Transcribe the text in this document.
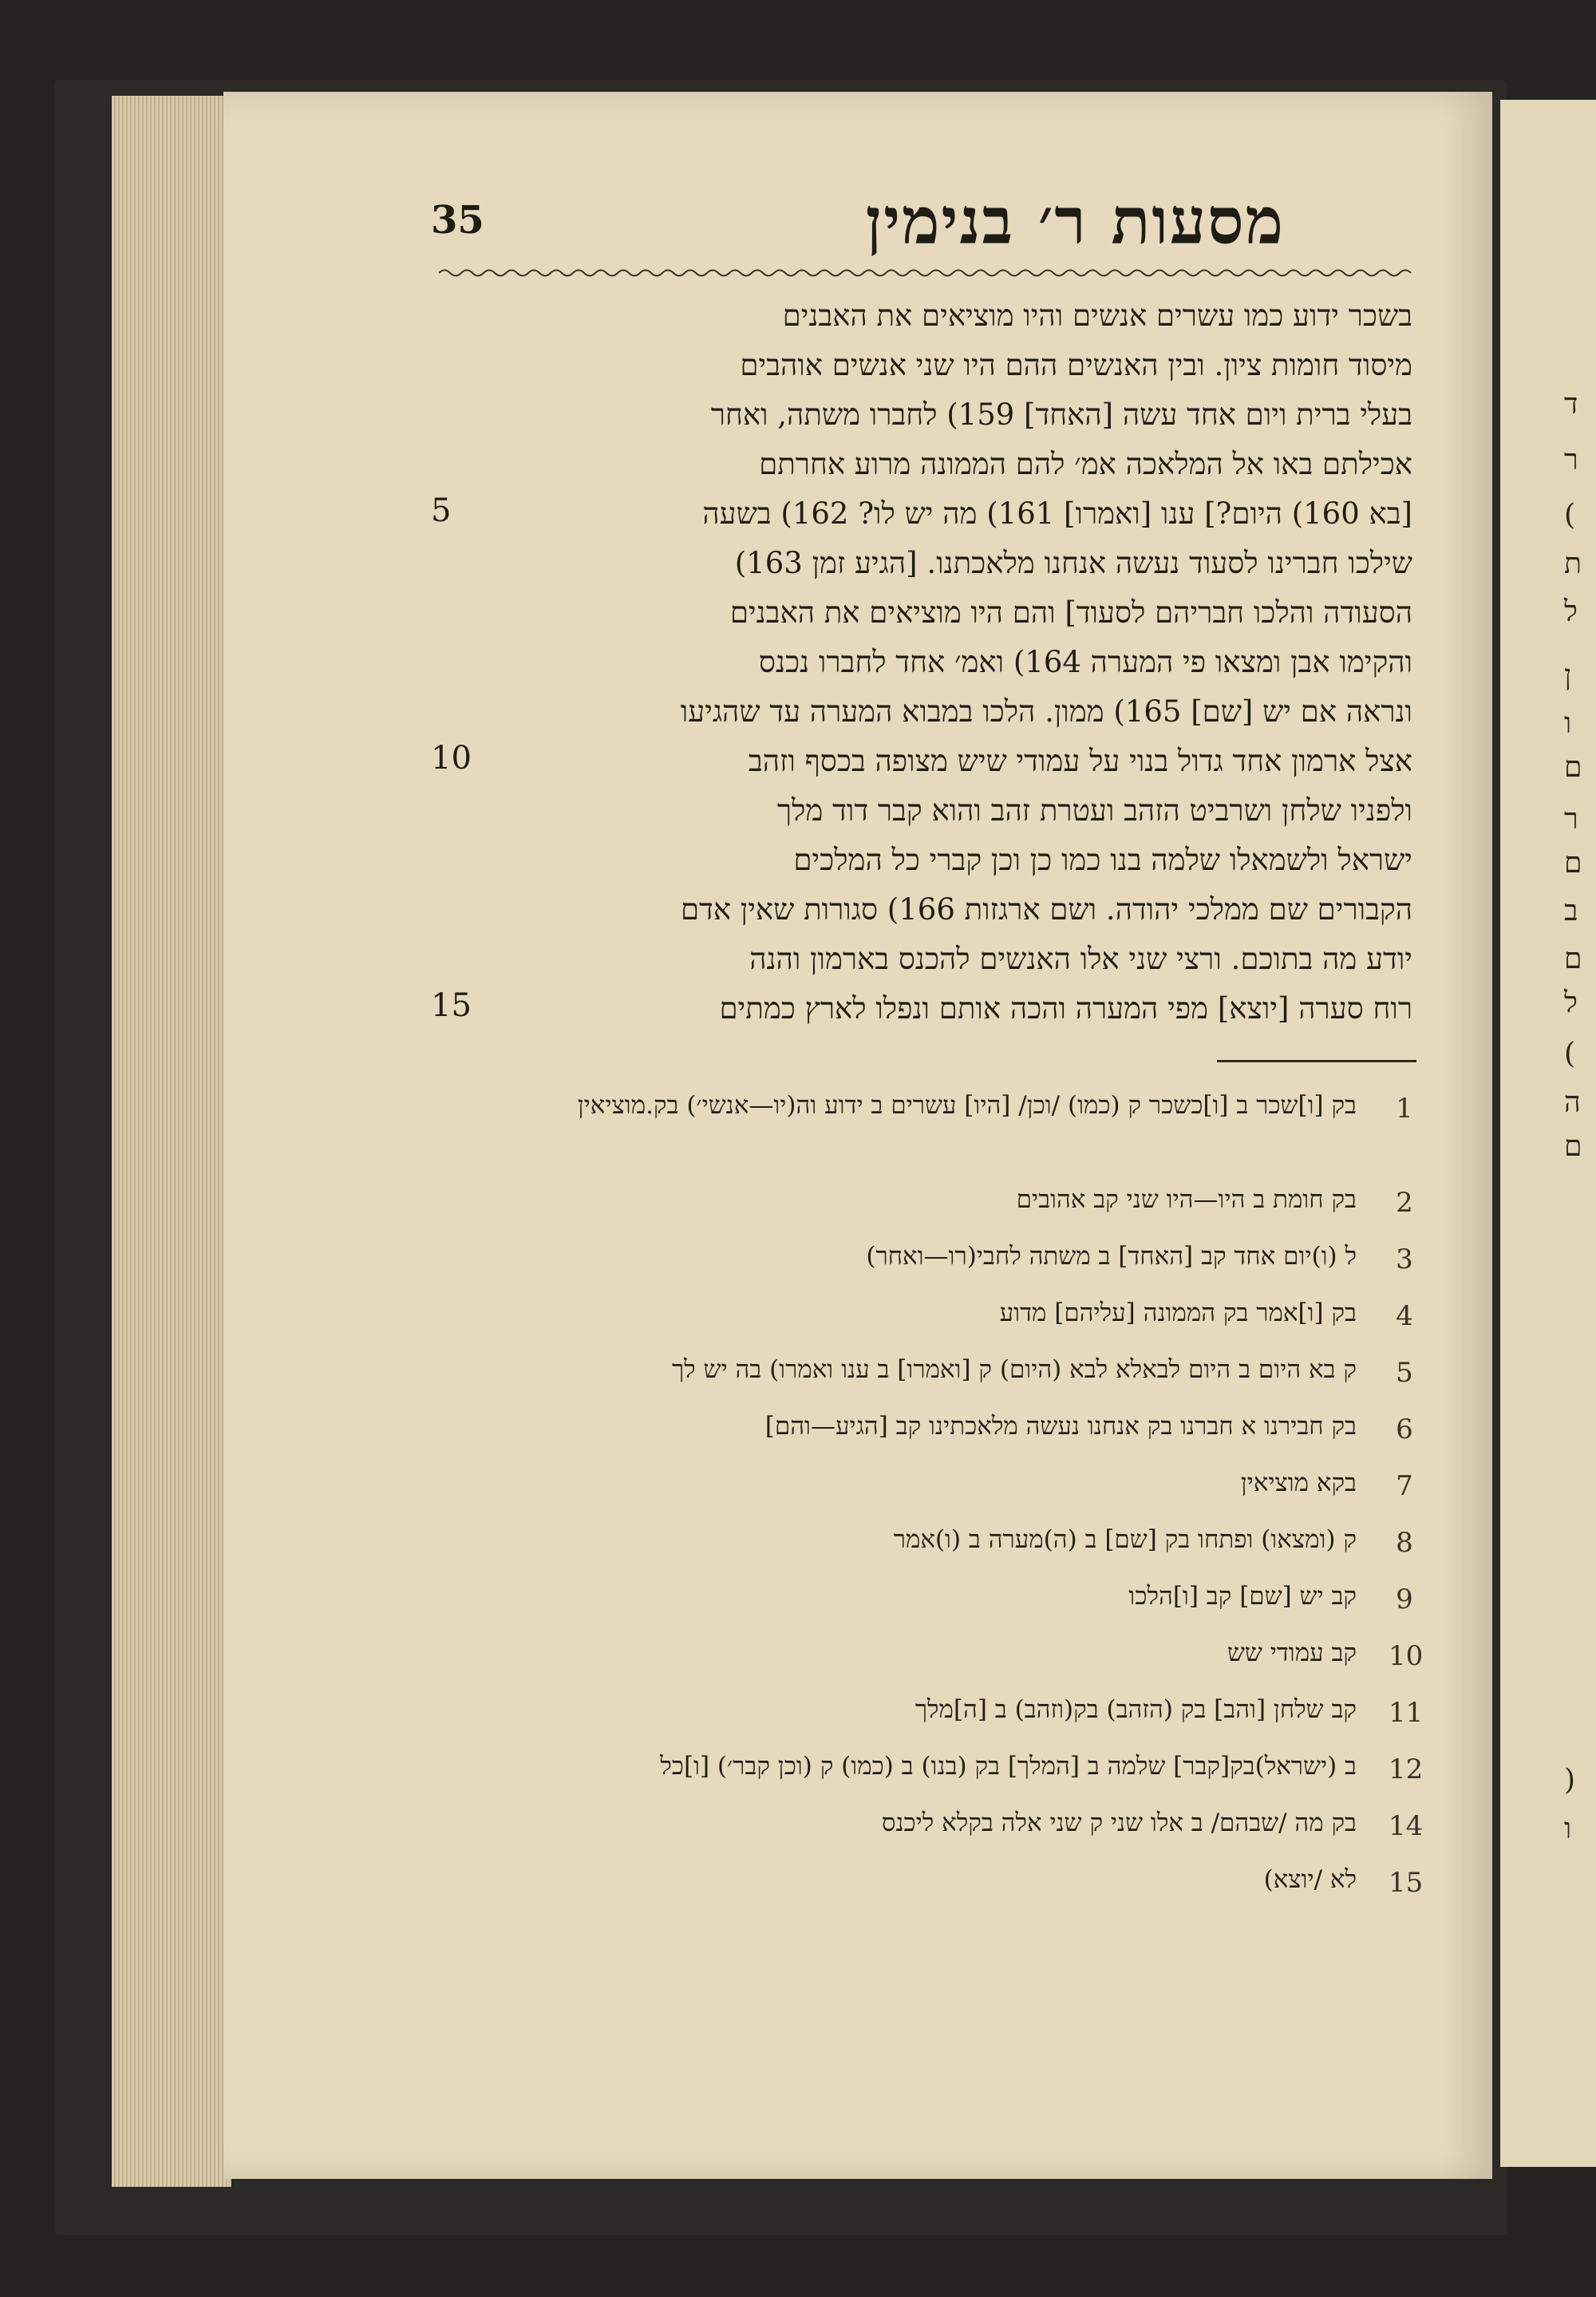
ד
ר
)
ת
ל
ן
ו
ם
ר
ם
ב
ם
ל
)
ה
ם
(
ו
35	מסעות ר׳ בנימין
5
10
15
בשכר ידוע כמו עשרים אנשים והיו מוציאים את האבנים
מיסוד חומות ציון. ובין האנשים ההם היו שני אנשים אוהבים
בעלי ברית ויום אחד עשה [האחד] 159) לחברו משתה, ואחר
אכילתם באו אל המלאכה אמ׳ להם הממונה מרוע אחרתם
[בא 160) היום?] ענו [ואמרו] 161) מה יש לו? 162) בשעה
שילכו חברינו לסעוד נעשה אנחנו מלאכתנו. [הגיע זמן 163)
הסעודה והלכו חבריהם לסעוד] והם היו מוציאים את האבנים
והקימו אבן ומצאו פי המערה 164) ואמ׳ אחד לחברו נכנס
ונראה אם יש [שם] 165) ממון. הלכו במבוא המערה עד שהגיעו
אצל ארמון אחד גדול בנוי על עמודי שיש מצופה בכסף וזהב
ולפניו שלחן ושרביט הזהב ועטרת זהב והוא קבר דוד מלך
ישראל ולשמאלו שלמה בנו כמו כן וכן קברי כל המלכים
הקבורים שם ממלכי יהודה. ושם ארגזות 166) סגורות שאין אדם
יודע מה בתוכם. ורצי שני אלו האנשים להכנס בארמון והנה
רוח סערה [יוצא] מפי המערה והכה אותם ונפלו לארץ כמתים
1
בק [ו]שכר ב [ו]כשכר ק (כמו) /וכן/ [היו] עשרים ב ידוע וה(יו—אנשי׳) בק.מוציאין
2
בק חומת ב היו—היו שני קב אהובים
3
ל (ו)יום אחד קב [האחד] ב משתה לחבי(רו—ואחר)
4
בק [ו]אמר בק הממונה [עליהם] מדוע
5
ק בא היום ב היום לבאלא לבא (היום) ק [ואמרו] ב ענו ואמרו) בה יש לך
6
בק חבירנו א חברנו בק אנחנו נעשה מלאכתינו קב [הגיע—והם]
7
בקא מוציאין
8
ק (ומצאו) ופתחו בק [שם] ב (ה)מערה ב (ו)אמר
9
קב יש [שם] קב [ו]הלכו
10
קב עמודי שש
11
קב שלחן [והב] בק (הזהב) בק(וזהב) ב [ה]מלך
12
ב (ישראל)בק[קבר] שלמה ב [המלך] בק (בנו) ב (כמו) ק (וכן קבר׳) [ו]כל
14
בק מה /שבהם/ ב אלו שני ק שני אלה בקלא ליכנס
15
לא /יוצא)
